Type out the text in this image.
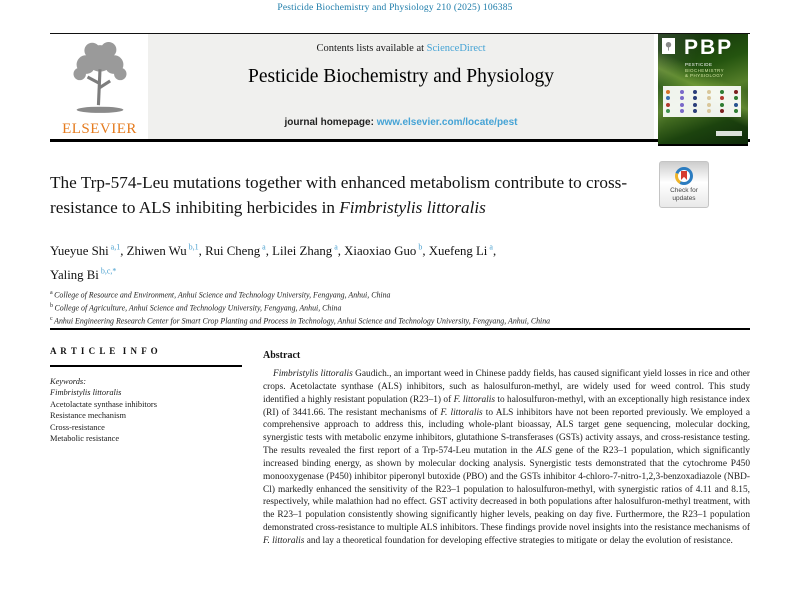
Pesticide Biochemistry and Physiology 210 (2025) 106385
ELSEVIER
Contents lists available at ScienceDirect
Pesticide Biochemistry and Physiology
journal homepage: www.elsevier.com/locate/pest
PBP
PESTICIDE
BIOCHEMISTRY
& PHYSIOLOGY
The Trp-574-Leu mutations together with enhanced metabolism contribute to cross-resistance to ALS inhibiting herbicides in Fimbristylis littoralis
Check for
updates
Yueyue Shi $^{a,1}$, Zhiwen Wu $^{b,1}$, Rui Cheng $^a$, Lilei Zhang $^a$, Xiaoxiao Guo $^b$, Xuefeng Li $^a$,
Yaling Bi $^{b,c,*}$
$^a$ College of Resource and Environment, Anhui Science and Technology University, Fengyang, Anhui, China
$^b$ College of Agriculture, Anhui Science and Technology University, Fengyang, Anhui, China
$^c$ Anhui Engineering Research Center for Smart Crop Planting and Process in Technology, Anhui Science and Technology University, Fengyang, Anhui, China
A R T I C L E  I N F O
Keywords:
Fimbristylis littoralis
Acetolactate synthase inhibitors
Resistance mechanism
Cross-resistance
Metabolic resistance
Abstract

Fimbristylis littoralis Gaudich., an important weed in Chinese paddy fields, has caused significant yield losses in rice and other crops. Acetolactate synthase (ALS) inhibitors, such as halosulfuron-methyl, are widely used for weed control. This study identified a highly resistant population (R23–1) of F. littoralis to halosulfuron-methyl, with an exceptionally high resistance index (RI) of 3441.66. The resistant mechanisms of F. littoralis to ALS inhibitors have not been reported previously. We employed a comprehensive approach to address this, including whole-plant bioassay, ALS target gene sequencing, molecular docking, synergistic tests with metabolic enzyme inhibitors, glutathione S-transferases (GSTs) activity assays, and cross-resistance testing. The results revealed the first report of a Trp-574-Leu mutation in the ALS gene of the R23–1 population, which significantly increased binding energy, as shown by molecular docking analysis. Synergistic tests demonstrated that the cytochrome P450 monooxygenase (P450) inhibitor piperonyl butoxide (PBO) and the GSTs inhibitor 4-chloro-7-nitro-1,2,3-benzoxadiazole (NBD-Cl) markedly enhanced the sensitivity of the R23–1 population to halosulfuron-methyl, with synergistic ratios of 4.11 and 8.15, respectively, while malathion had no effect. GST activity decreased in both populations after halosulfuron-methyl treatment, with the R23–1 population consistently showing significantly higher levels, peaking on day five. Furthermore, the R23–1 population demonstrated cross-resistance to multiple ALS inhibitors. These findings provide novel insights into the resistance mechanisms of F. littoralis and lay a theoretical foundation for developing effective strategies to mitigate or delay the evolution of resistance.
